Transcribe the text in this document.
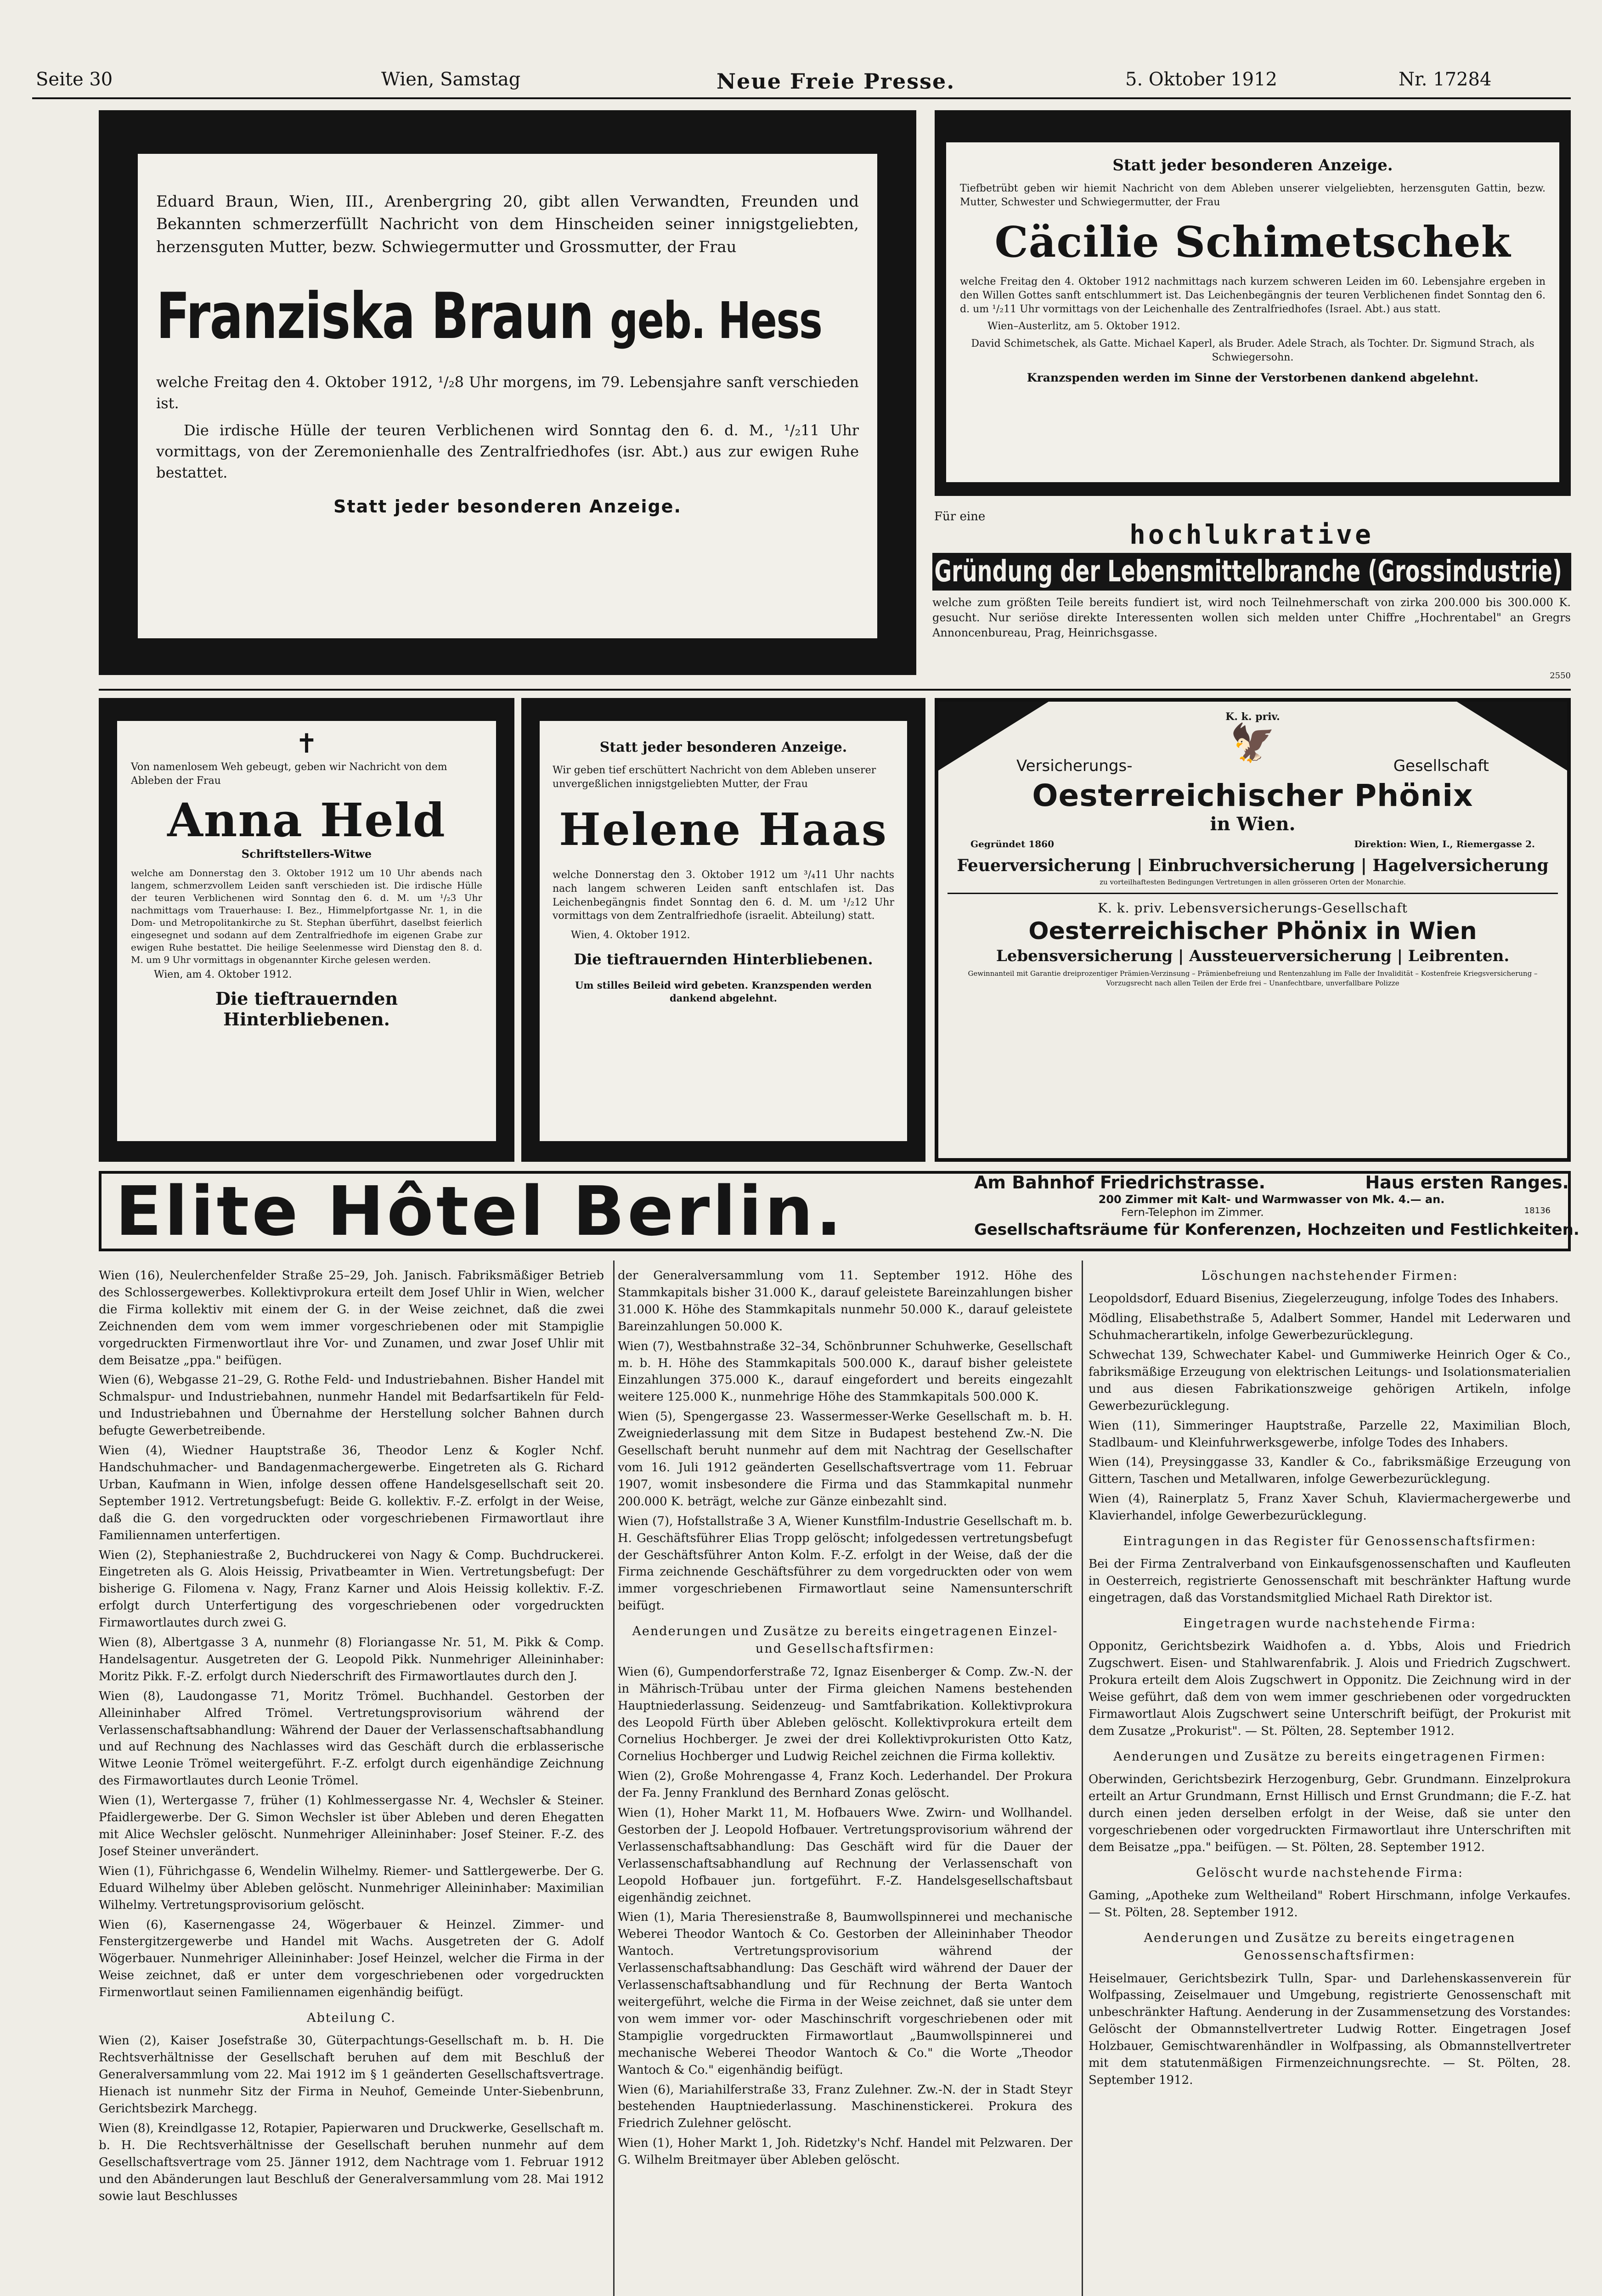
Seite 30	Wien, Samstag	Neue Freie Presse.	5. Oktober 1912	Nr. 17284
Eduard Braun, Wien, III., Arenbergring 20, gibt allen Verwandten, Freunden und Bekannten schmerzerfüllt Nachricht von dem Hinscheiden seiner innigstgeliebten, herzensguten Mutter, bezw. Schwiegermutter und Grossmutter, der Frau
Franziska Braun geb. Hess
welche Freitag den 4. Oktober 1912, ¹/₂8 Uhr morgens, im 79. Lebensjahre sanft verschieden ist.
Die irdische Hülle der teuren Verblichenen wird Sonntag den 6. d. M., ¹/₂11 Uhr vormittags, von der Zeremonienhalle des Zentralfriedhofes (isr. Abt.) aus zur ewigen Ruhe bestattet.
Statt jeder besonderen Anzeige.
Statt jeder besonderen Anzeige.
Tiefbetrübt geben wir hiemit Nachricht von dem Ableben unserer vielgeliebten, herzensguten Gattin, bezw. Mutter, Schwester und Schwiegermutter, der Frau
Cäcilie Schimetschek
welche Freitag den 4. Oktober 1912 nachmittags nach kurzem schweren Leiden im 60. Lebensjahre ergeben in den Willen Gottes sanft entschlummert ist. Das Leichenbegängnis der teuren Verblichenen findet Sonntag den 6. d. um ¹/₂11 Uhr vormittags von der Leichenhalle des Zentralfriedhofes (Israel. Abt.) aus statt.
Wien–Austerlitz, am 5. Oktober 1912.
David Schimetschek, als Gatte. Michael Kaperl, als Bruder. Adele Strach, als Tochter. Dr. Sigmund Strach, als Schwiegersohn.
Kranzspenden werden im Sinne der Verstorbenen dankend abgelehnt.
Für eine
hochlukrative
Gründung der Lebensmittelbranche (Grossindustrie)
welche zum größten Teile bereits fundiert ist, wird noch Teilnehmerschaft von zirka 200.000 bis 300.000 K. gesucht. Nur seriöse direkte Interessenten wollen sich melden unter Chiffre „Hochrentabel" an Gregrs Annoncenbureau, Prag, Heinrichsgasse.
2550
✝
Von namenlosem Weh gebeugt, geben wir Nachricht von dem Ableben der Frau
Anna Held
Schriftstellers-Witwe
welche am Donnerstag den 3. Oktober 1912 um 10 Uhr abends nach langem, schmerzvollem Leiden sanft verschieden ist. Die irdische Hülle der teuren Verblichenen wird Sonntag den 6. d. M. um ¹/₂3 Uhr nachmittags vom Trauerhause: I. Bez., Himmelpfortgasse Nr. 1, in die Dom- und Metropolitankirche zu St. Stephan überführt, daselbst feierlich eingesegnet und sodann auf dem Zentralfriedhofe im eigenen Grabe zur ewigen Ruhe bestattet. Die heilige Seelenmesse wird Dienstag den 8. d. M. um 9 Uhr vormittags in obgenannter Kirche gelesen werden.
Wien, am 4. Oktober 1912.
Die tieftrauernden Hinterbliebenen.
Statt jeder besonderen Anzeige.
Wir geben tief erschüttert Nachricht von dem Ableben unserer unvergeßlichen innigstgeliebten Mutter, der Frau
Helene Haas
welche Donnerstag den 3. Oktober 1912 um ³/₄11 Uhr nachts nach langem schweren Leiden sanft entschlafen ist. Das Leichenbegängnis findet Sonntag den 6. d. M. um ¹/₂12 Uhr vormittags von dem Zentralfriedhofe (israelit. Abteilung) statt.
Wien, 4. Oktober 1912.
Die tieftrauernden Hinterbliebenen.
Um stilles Beileid wird gebeten. Kranzspenden werden dankend abgelehnt.
K. k. priv.
🦅
Versicherungs-	Gesellschaft
Oesterreichischer Phönix
in Wien.
Gegründet 1860	Direktion: Wien, I., Riemergasse 2.
Feuerversicherung | Einbruchversicherung | Hagelversicherung
zu vorteilhaftesten Bedingungen Vertretungen in allen grösseren Orten der Monarchie.
K. k. priv. Lebensversicherungs-Gesellschaft
Oesterreichischer Phönix in Wien
Lebensversicherung | Aussteuerversicherung | Leibrenten.
Gewinnanteil mit Garantie dreiprozentiger Prämien-Verzinsung – Prämienbefreiung und Rentenzahlung im Falle der Invalidität – Kostenfreie Kriegsversicherung – Vorzugsrecht nach allen Teilen der Erde frei – Unanfechtbare, unverfallbare Polizze
Elite Hôtel Berlin.	Am Bahnhof Friedrichstrasse.	Haus ersten Ranges.
200 Zimmer mit Kalt- und Warmwasser von Mk. 4.— an.
Fern-Telephon im Zimmer.	18136
Gesellschaftsräume für Konferenzen, Hochzeiten und Festlichkeiten.

Wien (16), Neulerchenfelder Straße 25–29, Joh. Janisch. Fabriksmäßiger Betrieb des Schlossergewerbes. Kollektivprokura erteilt dem Josef Uhlir in Wien, welcher die Firma kollektiv mit einem der G. in der Weise zeichnet, daß die zwei Zeichnenden dem vom wem immer vorgeschriebenen oder mit Stampiglie vorgedruckten Firmenwortlaut ihre Vor- und Zunamen, und zwar Josef Uhlir mit dem Beisatze „ppa." beifügen.

Wien (6), Webgasse 21–29, G. Rothe Feld- und Industriebahnen. Bisher Handel mit Schmalspur- und Industriebahnen, nunmehr Handel mit Bedarfsartikeln für Feld- und Industriebahnen und Übernahme der Herstellung solcher Bahnen durch befugte Gewerbetreibende.

Wien (4), Wiedner Hauptstraße 36, Theodor Lenz & Kogler Nchf. Handschuhmacher- und Bandagenmachergewerbe. Eingetreten als G. Richard Urban, Kaufmann in Wien, infolge dessen offene Handelsgesellschaft seit 20. September 1912. Vertretungsbefugt: Beide G. kollektiv. F.-Z. erfolgt in der Weise, daß die G. den vorgedruckten oder vorgeschriebenen Firmawortlaut ihre Familiennamen unterfertigen.

Wien (2), Stephaniestraße 2, Buchdruckerei von Nagy & Comp. Buchdruckerei. Eingetreten als G. Alois Heissig, Privatbeamter in Wien. Vertretungsbefugt: Der bisherige G. Filomena v. Nagy, Franz Karner und Alois Heissig kollektiv. F.-Z. erfolgt durch Unterfertigung des vorgeschriebenen oder vorgedruckten Firmawortlautes durch zwei G.

Wien (8), Albertgasse 3 A, nunmehr (8) Floriangasse Nr. 51, M. Pikk & Comp. Handelsagentur. Ausgetreten der G. Leopold Pikk. Nunmehriger Alleininhaber: Moritz Pikk. F.-Z. erfolgt durch Niederschrift des Firmawortlautes durch den J.

Wien (8), Laudongasse 71, Moritz Trömel. Buchhandel. Gestorben der Alleininhaber Alfred Trömel. Vertretungsprovisorium während der Verlassenschaftsabhandlung: Während der Dauer der Verlassenschaftsabhandlung und auf Rechnung des Nachlasses wird das Geschäft durch die erblasserische Witwe Leonie Trömel weitergeführt. F.-Z. erfolgt durch eigenhändige Zeichnung des Firmawortlautes durch Leonie Trömel.

Wien (1), Wertergasse 7, früher (1) Kohlmessergasse Nr. 4, Wechsler & Steiner. Pfaidlergewerbe. Der G. Simon Wechsler ist über Ableben und deren Ehegatten mit Alice Wechsler gelöscht. Nunmehriger Alleininhaber: Josef Steiner. F.-Z. des Josef Steiner unverändert.

Wien (1), Führichgasse 6, Wendelin Wilhelmy. Riemer- und Sattlergewerbe. Der G. Eduard Wilhelmy über Ableben gelöscht. Nunmehriger Alleininhaber: Maximilian Wilhelmy. Vertretungsprovisorium gelöscht.

Wien (6), Kasernengasse 24, Wögerbauer & Heinzel. Zimmer- und Fenstergitzergewerbe und Handel mit Wachs. Ausgetreten der G. Adolf Wögerbauer. Nunmehriger Alleininhaber: Josef Heinzel, welcher die Firma in der Weise zeichnet, daß er unter dem vorgeschriebenen oder vorgedruckten Firmenwortlaut seinen Familiennamen eigenhändig beifügt.

Abteilung C.

Wien (2), Kaiser Josefstraße 30, Güterpachtungs-Gesellschaft m. b. H. Die Rechtsverhältnisse der Gesellschaft beruhen auf dem mit Beschluß der Generalversammlung vom 22. Mai 1912 im § 1 geänderten Gesellschaftsvertrage. Hienach ist nunmehr Sitz der Firma in Neuhof, Gemeinde Unter-Siebenbrunn, Gerichtsbezirk Marchegg.

Wien (8), Kreindlgasse 12, Rotapier, Papierwaren und Druckwerke, Gesellschaft m. b. H. Die Rechtsverhältnisse der Gesellschaft beruhen nunmehr auf dem Gesellschaftsvertrage vom 25. Jänner 1912, dem Nachtrage vom 1. Februar 1912 und den Abänderungen laut Beschluß der Generalversammlung vom 28. Mai 1912 sowie laut Beschlusses

der Generalversammlung vom 11. September 1912. Höhe des Stammkapitals bisher 31.000 K., darauf geleistete Bareinzahlungen bisher 31.000 K. Höhe des Stammkapitals nunmehr 50.000 K., darauf geleistete Bareinzahlungen 50.000 K.

Wien (7), Westbahnstraße 32–34, Schönbrunner Schuhwerke, Gesellschaft m. b. H. Höhe des Stammkapitals 500.000 K., darauf bisher geleistete Einzahlungen 375.000 K., darauf eingefordert und bereits eingezahlt weitere 125.000 K., nunmehrige Höhe des Stammkapitals 500.000 K.

Wien (5), Spengergasse 23. Wassermesser-Werke Gesellschaft m. b. H. Zweigniederlassung mit dem Sitze in Budapest bestehend Zw.-N. Die Gesellschaft beruht nunmehr auf dem mit Nachtrag der Gesellschafter vom 16. Juli 1912 geänderten Gesellschaftsvertrage vom 11. Februar 1907, womit insbesondere die Firma und das Stammkapital nunmehr 200.000 K. beträgt, welche zur Gänze einbezahlt sind.

Wien (7), Hofstallstraße 3 A, Wiener Kunstfilm-Industrie Gesellschaft m. b. H. Geschäftsführer Elias Tropp gelöscht; infolgedessen vertretungsbefugt der Geschäftsführer Anton Kolm. F.-Z. erfolgt in der Weise, daß der die Firma zeichnende Geschäftsführer zu dem vorgedruckten oder von wem immer vorgeschriebenen Firmawortlaut seine Namensunterschrift beifügt.

Aenderungen und Zusätze zu bereits eingetragenen Einzel- und Gesellschaftsfirmen:

Wien (6), Gumpendorferstraße 72, Ignaz Eisenberger & Comp. Zw.-N. der in Mährisch-Trübau unter der Firma gleichen Namens bestehenden Hauptniederlassung. Seidenzeug- und Samtfabrikation. Kollektivprokura des Leopold Fürth über Ableben gelöscht. Kollektivprokura erteilt dem Cornelius Hochberger. Je zwei der drei Kollektivprokuristen Otto Katz, Cornelius Hochberger und Ludwig Reichel zeichnen die Firma kollektiv.

Wien (2), Große Mohrengasse 4, Franz Koch. Lederhandel. Der Prokura der Fa. Jenny Franklund des Bernhard Zonas gelöscht.

Wien (1), Hoher Markt 11, M. Hofbauers Wwe. Zwirn- und Wollhandel. Gestorben der J. Leopold Hofbauer. Vertretungsprovisorium während der Verlassenschaftsabhandlung: Das Geschäft wird für die Dauer der Verlassenschaftsabhandlung auf Rechnung der Verlassenschaft von Leopold Hofbauer jun. fortgeführt. F.-Z. Handelsgesellschaftsbaut eigenhändig zeichnet.

Wien (1), Maria Theresienstraße 8, Baumwollspinnerei und mechanische Weberei Theodor Wantoch & Co. Gestorben der Alleininhaber Theodor Wantoch. Vertretungsprovisorium während der Verlassenschaftsabhandlung: Das Geschäft wird während der Dauer der Verlassenschaftsabhandlung und für Rechnung der Berta Wantoch weitergeführt, welche die Firma in der Weise zeichnet, daß sie unter dem von wem immer vor- oder Maschinschrift vorgeschriebenen oder mit Stampiglie vorgedruckten Firmawortlaut „Baumwollspinnerei und mechanische Weberei Theodor Wantoch & Co." die Worte „Theodor Wantoch & Co." eigenhändig beifügt.

Wien (6), Mariahilferstraße 33, Franz Zulehner. Zw.-N. der in Stadt Steyr bestehenden Hauptniederlassung. Maschinenstickerei. Prokura des Friedrich Zulehner gelöscht.

Wien (1), Hoher Markt 1, Joh. Ridetzky's Nchf. Handel mit Pelzwaren. Der G. Wilhelm Breitmayer über Ableben gelöscht.

Löschungen nachstehender Firmen:

Leopoldsdorf, Eduard Bisenius, Ziegelerzeugung, infolge Todes des Inhabers.

Mödling, Elisabethstraße 5, Adalbert Sommer, Handel mit Lederwaren und Schuhmacherartikeln, infolge Gewerbezurücklegung.

Schwechat 139, Schwechater Kabel- und Gummiwerke Heinrich Oger & Co., fabriksmäßige Erzeugung von elektrischen Leitungs- und Isolationsmaterialien und aus diesen Fabrikationszweige gehörigen Artikeln, infolge Gewerbezurücklegung.

Wien (11), Simmeringer Hauptstraße, Parzelle 22, Maximilian Bloch, Stadlbaum- und Kleinfuhrwerksgewerbe, infolge Todes des Inhabers.

Wien (14), Preysinggasse 33, Kandler & Co., fabriksmäßige Erzeugung von Gittern, Taschen und Metallwaren, infolge Gewerbezurücklegung.

Wien (4), Rainerplatz 5, Franz Xaver Schuh, Klaviermachergewerbe und Klavierhandel, infolge Gewerbezurücklegung.

Eintragungen in das Register für Genossenschaftsfirmen:

Bei der Firma Zentralverband von Einkaufsgenossenschaften und Kaufleuten in Oesterreich, registrierte Genossenschaft mit beschränkter Haftung wurde eingetragen, daß das Vorstandsmitglied Michael Rath Direktor ist.

Eingetragen wurde nachstehende Firma:

Opponitz, Gerichtsbezirk Waidhofen a. d. Ybbs, Alois und Friedrich Zugschwert. Eisen- und Stahlwarenfabrik. J. Alois und Friedrich Zugschwert. Prokura erteilt dem Alois Zugschwert in Opponitz. Die Zeichnung wird in der Weise geführt, daß dem von wem immer geschriebenen oder vorgedruckten Firmawortlaut Alois Zugschwert seine Unterschrift beifügt, der Prokurist mit dem Zusatze „Prokurist". — St. Pölten, 28. September 1912.

Aenderungen und Zusätze zu bereits eingetragenen Firmen:

Oberwinden, Gerichtsbezirk Herzogenburg, Gebr. Grundmann. Einzelprokura erteilt an Artur Grundmann, Ernst Hillisch und Ernst Grundmann; die F.-Z. hat durch einen jeden derselben erfolgt in der Weise, daß sie unter den vorgeschriebenen oder vorgedruckten Firmawortlaut ihre Unterschriften mit dem Beisatze „ppa." beifügen. — St. Pölten, 28. September 1912.

Gelöscht wurde nachstehende Firma:

Gaming, „Apotheke zum Weltheiland" Robert Hirschmann, infolge Verkaufes. — St. Pölten, 28. September 1912.

Aenderungen und Zusätze zu bereits eingetragenen Genossenschaftsfirmen:

Heiselmauer, Gerichtsbezirk Tulln, Spar- und Darlehenskassenverein für Wolfpassing, Zeiselmauer und Umgebung, registrierte Genossenschaft mit unbeschränkter Haftung. Aenderung in der Zusammensetzung des Vorstandes: Gelöscht der Obmannstellvertreter Ludwig Rotter. Eingetragen Josef Holzbauer, Gemischtwarenhändler in Wolfpassing, als Obmannstellvertreter mit dem statutenmäßigen Firmenzeichnungsrechte. — St. Pölten, 28. September 1912.
